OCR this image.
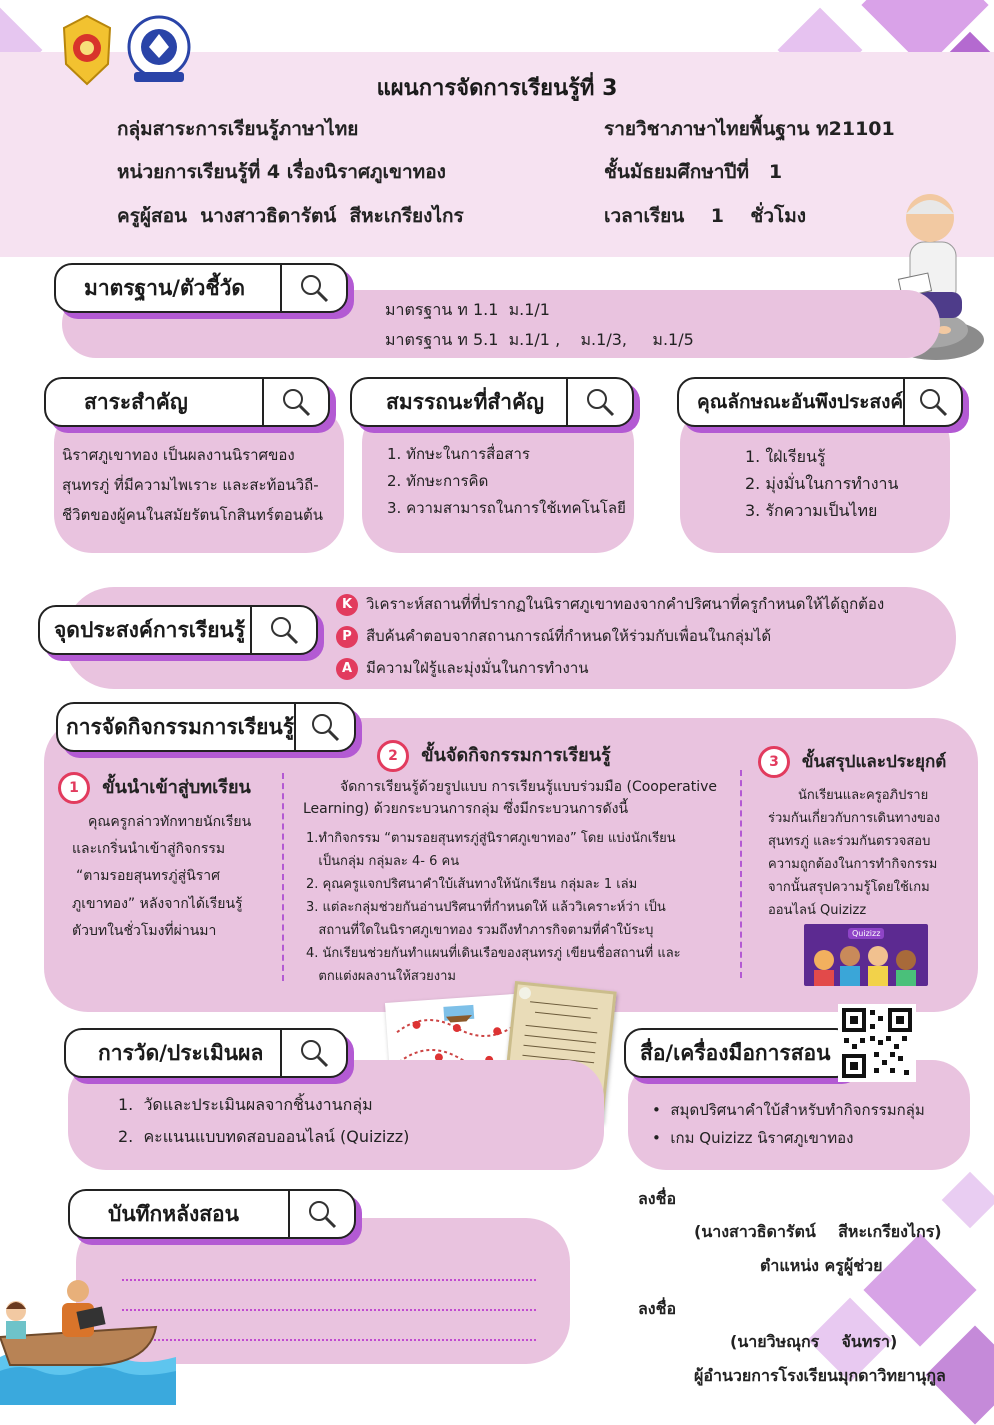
แผนการจัดการเรียนรู้ที่ 3
กลุ่มสาระการเรียนรู้ภาษาไทย
หน่วยการเรียนรู้ที่ 4 เรื่องนิราศภูเขาทอง
ครูผู้สอน  นางสาวธิดารัตน์  สีหะเกรียงไกร
รายวิชาภาษาไทยพื้นฐาน ท21101
ชั้นมัธยมศึกษาปีที่   1
เวลาเรียน    1    ชั่วโมง
มาตรฐาน/ตัวชี้วัด
มาตรฐาน ท 1.1  ม.1/1
มาตรฐาน ท 5.1  ม.1/1 ,    ม.1/3,     ม.1/5
สาระสำคัญ
นิราศภูเขาทอง เป็นผลงานนิราศของ
สุนทรภู่ ที่มีความไพเราะ และสะท้อนวิถี-
ชีวิตของผู้คนในสมัยรัตนโกสินทร์ตอนต้น
สมรรถนะที่สำคัญ
1. ทักษะในการสื่อสาร
2. ทักษะการคิด
3. ความสามารถในการใช้เทคโนโลยี
คุณลักษณะอันพึงประสงค์
1. ใฝ่เรียนรู้
2. มุ่งมั่นในการทำงาน
3. รักความเป็นไทย
จุดประสงค์การเรียนรู้
K วิเคราะห์สถานที่ที่ปรากฏในนิราศภูเขาทองจากคำปริศนาที่ครูกำหนดให้ได้ถูกต้อง
P สืบค้นคำตอบจากสถานการณ์ที่กำหนดให้ร่วมกับเพื่อนในกลุ่มได้
A มีความใฝ่รู้และมุ่งมั่นในการทำงาน
การจัดกิจกรรมการเรียนรู้
1 ขั้นนำเข้าสู่บทเรียน
คุณครูกล่าวทักทายนักเรียน
และเกริ่นนำเข้าสู่กิจกรรม
“ตามรอยสุนทรภู่สู่นิราศ
ภูเขาทอง” หลังจากได้เรียนรู้
ตัวบทในชั่วโมงที่ผ่านมา
2 ขั้นจัดกิจกรรมการเรียนรู้
จัดการเรียนรู้ด้วยรูปแบบ การเรียนรู้แบบร่วมมือ (Cooperative
Learning) ด้วยกระบวนการกลุ่ม ซึ่งมีกระบวนการดังนี้
1.ทำกิจกรรม “ตามรอยสุนทรภู่สู่นิราศภูเขาทอง” โดย แบ่งนักเรียน
เป็นกลุ่ม กลุ่มละ 4- 6 คน
2. คุณครูแจกปริศนาคำใบ้เส้นทางให้นักเรียน กลุ่มละ 1 เล่ม
3. แต่ละกลุ่มช่วยกันอ่านปริศนาที่กำหนดให้ แล้ววิเคราะห์ว่า เป็น
สถานที่ใดในนิราศภูเขาทอง รวมถึงทำภารกิจตามที่คำใบ้ระบุ
4. นักเรียนช่วยกันทำแผนที่เดินเรือของสุนทรภู่ เขียนชื่อสถานที่ และ
ตกแต่งผลงานให้สวยงาม
3 ขั้นสรุปและประยุกต์
นักเรียนและครูอภิปราย
ร่วมกันเกี่ยวกับการเดินทางของ
สุนทรภู่ และร่วมกันตรวจสอบ
ความถูกต้องในการทำกิจกรรม
จากนั้นสรุปความรู้โดยใช้เกม
ออนไลน์ Quizizz
Quizizz
การวัด/ประเมินผล
1.  วัดและประเมินผลจากชิ้นงานกลุ่ม
2.  คะแนนแบบทดสอบออนไลน์ (Quizizz)
สื่อ/เครื่องมือการสอน
• สมุดปริศนาคำใบ้สำหรับทำกิจกรรมกลุ่ม
• เกม Quizizz นิราศภูเขาทอง
บันทึกหลังสอน
ลงชื่อ
(นางสาวธิดารัตน์    สีหะเกรียงไกร)
ตำแหน่ง ครูผู้ช่วย
ลงชื่อ
(นายวิษณุกร    จันทรา)
ผู้อำนวยการโรงเรียนมุกดาวิทยานุกูล
